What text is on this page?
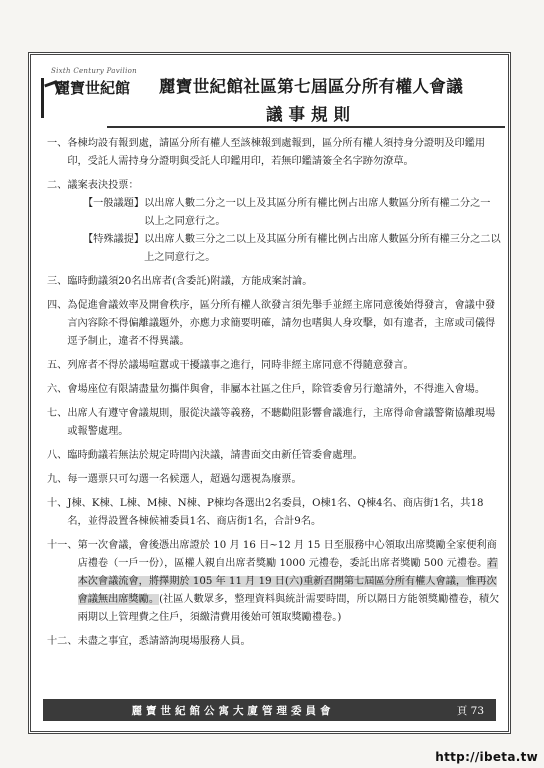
Sixth Century Pavilion
麗寶世紀館	麗寶世紀館社區第七屆區分所有權人會議
議事規則
一、 各棟均設有報到處，請區分所有權人至該棟報到處報到，區分所有權人須持身分證明及印鑑用印，受託人需持身分證明與受託人印鑑用印，若無印鑑請簽全名字跡勿潦草。
二、 議案表決投票：
【一般議題】 以出席人數二分之一以上及其區分所有權比例占出席人數區分所有權二分之一　以上之同意行之。
【特殊議提】 以出席人數三分之二以上及其區分所有權比例占出席人數區分所有權三分之二以上之同意行之。
三、 臨時動議須20名出席者(含委託)附議，方能成案討論。
四、 為促進會議效率及開會秩序，區分所有權人欲發言須先舉手並經主席同意後始得發言，會議中發言內容除不得偏離議題外，亦應力求簡要明確，請勿也嗜與人身攻擊，如有違者，主席或司儀得逕予制止，違者不得異議。
五、 列席者不得於議場喧囂或干擾議事之進行，同時非經主席同意不得隨意發言。
六、 會場座位有限請盡量勿攜伴與會，非屬本社區之住戶，除管委會另行邀請外，不得進入會場。
七、 出席人有遵守會議規則，服從決議等義務，不聽勸阻影響會議進行，主席得命會議警衛協離現場或報警處理。
八、 臨時動議若無法於規定時間內決議，請書面交由新任管委會處理。
九、 每一選票只可勾選一名候選人，超過勾選視為廢票。
十、 J棟、K棟、L棟、M棟、N棟、P棟均各選出2名委員，O棟1名、Q棟4名、商店街1名，共18名，並得設置各棟候補委員1名、商店街1名，合計9名。
十一、 第一次會議，會後憑出席證於 10 月 16 日~12 月 15 日至服務中心領取出席獎勵全家便利商店禮卷（一戶一份），區權人親自出席者獎勵 1000 元禮卷，委託出席者獎勵 500 元禮卷。若本次會議流會，將擇期於 105 年 11 月 19 日(六)重新召開第七屆區分所有權人會議，惟再次會議無出席獎勵。(社區人數眾多，整理資料與統計需要時間，所以隔日方能領獎勵禮卷，積欠兩期以上管理費之住戶，須繳清費用後始可領取獎勵禮卷。)
十二、 未盡之事宜，悉請諮詢現場服務人員。
麗寶世紀館公寓大廈管理委員會	頁 73
http://ibeta.tw
